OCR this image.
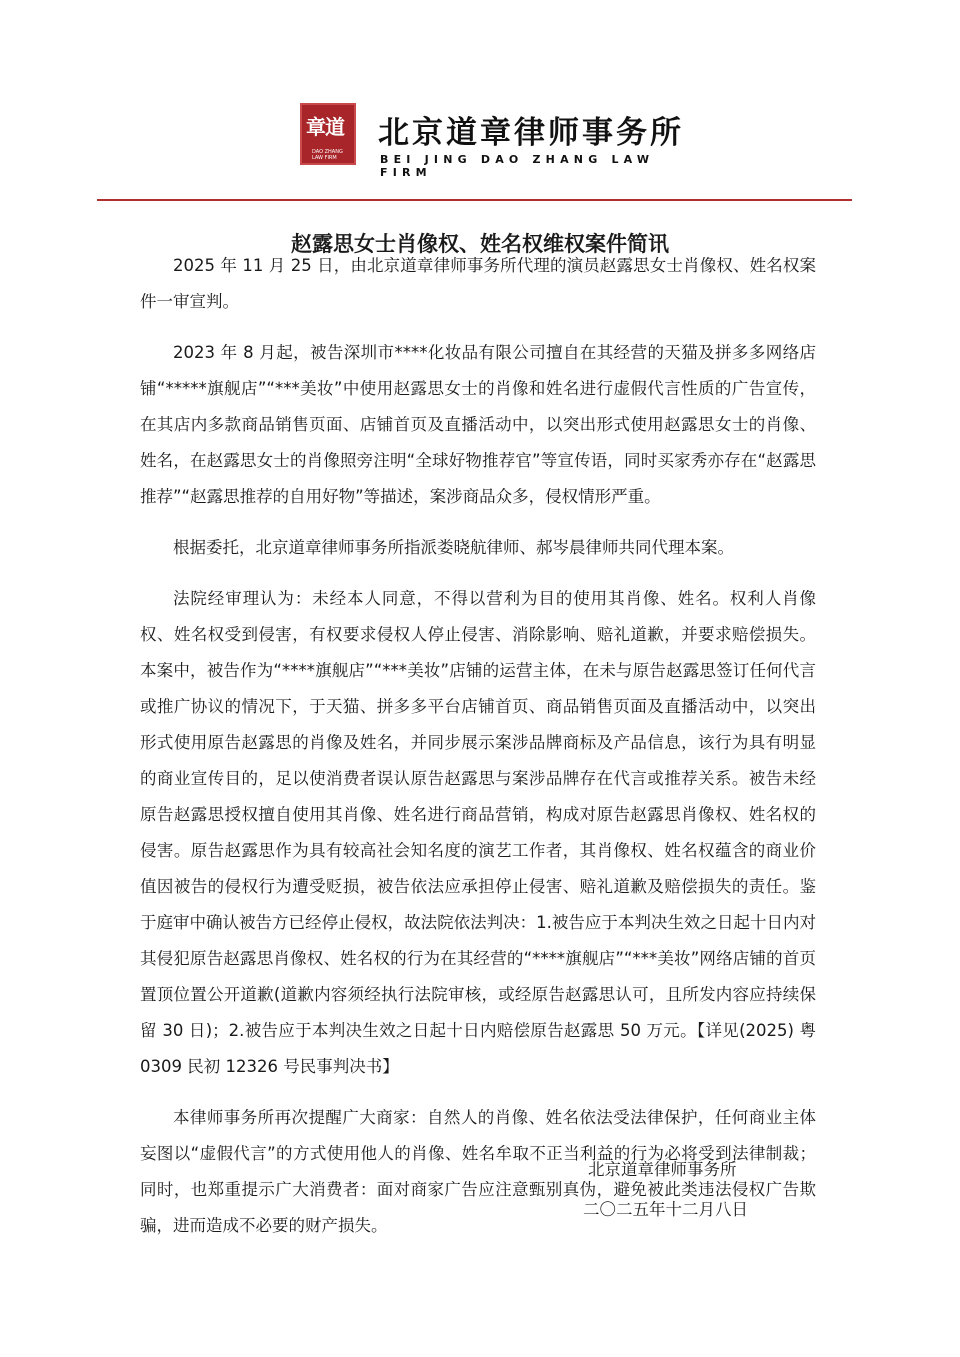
章道
DAO ZHANG LAW FIRM
北京道章律师事务所
BEI JING DAO ZHANG LAW FIRM
赵露思女士肖像权、姓名权维权案件简讯

2025 年 11 月 25 日，由北京道章律师事务所代理的演员赵露思女士肖像权、姓名权案件一审宣判。

2023 年 8 月起，被告深圳市****化妆品有限公司擅自在其经营的天猫及拼多多网络店铺“*****旗舰店”“***美妆”中使用赵露思女士的肖像和姓名进行虚假代言性质的广告宣传，在其店内多款商品销售页面、店铺首页及直播活动中，以突出形式使用赵露思女士的肖像、姓名，在赵露思女士的肖像照旁注明“全球好物推荐官”等宣传语，同时买家秀亦存在“赵露思推荐”“赵露思推荐的自用好物”等描述，案涉商品众多，侵权情形严重。

根据委托，北京道章律师事务所指派娄晓航律师、郝岑晨律师共同代理本案。

法院经审理认为：未经本人同意，不得以营利为目的使用其肖像、姓名。权利人肖像权、姓名权受到侵害，有权要求侵权人停止侵害、消除影响、赔礼道歉，并要求赔偿损失。本案中，被告作为“****旗舰店”“***美妆”店铺的运营主体，在未与原告赵露思签订任何代言或推广协议的情况下，于天猫、拼多多平台店铺首页、商品销售页面及直播活动中，以突出形式使用原告赵露思的肖像及姓名，并同步展示案涉品牌商标及产品信息，该行为具有明显的商业宣传目的，足以使消费者误认原告赵露思与案涉品牌存在代言或推荐关系。被告未经原告赵露思授权擅自使用其肖像、姓名进行商品营销，构成对原告赵露思肖像权、姓名权的侵害。原告赵露思作为具有较高社会知名度的演艺工作者，其肖像权、姓名权蕴含的商业价值因被告的侵权行为遭受贬损，被告依法应承担停止侵害、赔礼道歉及赔偿损失的责任。鉴于庭审中确认被告方已经停止侵权，故法院依法判决：1.被告应于本判决生效之日起十日内对其侵犯原告赵露思肖像权、姓名权的行为在其经营的“****旗舰店”“***美妆”网络店铺的首页置顶位置公开道歉(道歉内容须经执行法院审核，或经原告赵露思认可，且所发内容应持续保留 30 日)；2.被告应于本判决生效之日起十日内赔偿原告赵露思 50 万元。【详见(2025) 粤 0309 民初 12326 号民事判决书】

本律师事务所再次提醒广大商家：自然人的肖像、姓名依法受法律保护，任何商业主体妄图以“虚假代言”的方式使用他人的肖像、姓名牟取不正当利益的行为必将受到法律制裁；同时，也郑重提示广大消费者：面对商家广告应注意甄别真伪，避免被此类违法侵权广告欺骗，进而造成不必要的财产损失。

北京道章律师事务所
二〇二五年十二月八日
